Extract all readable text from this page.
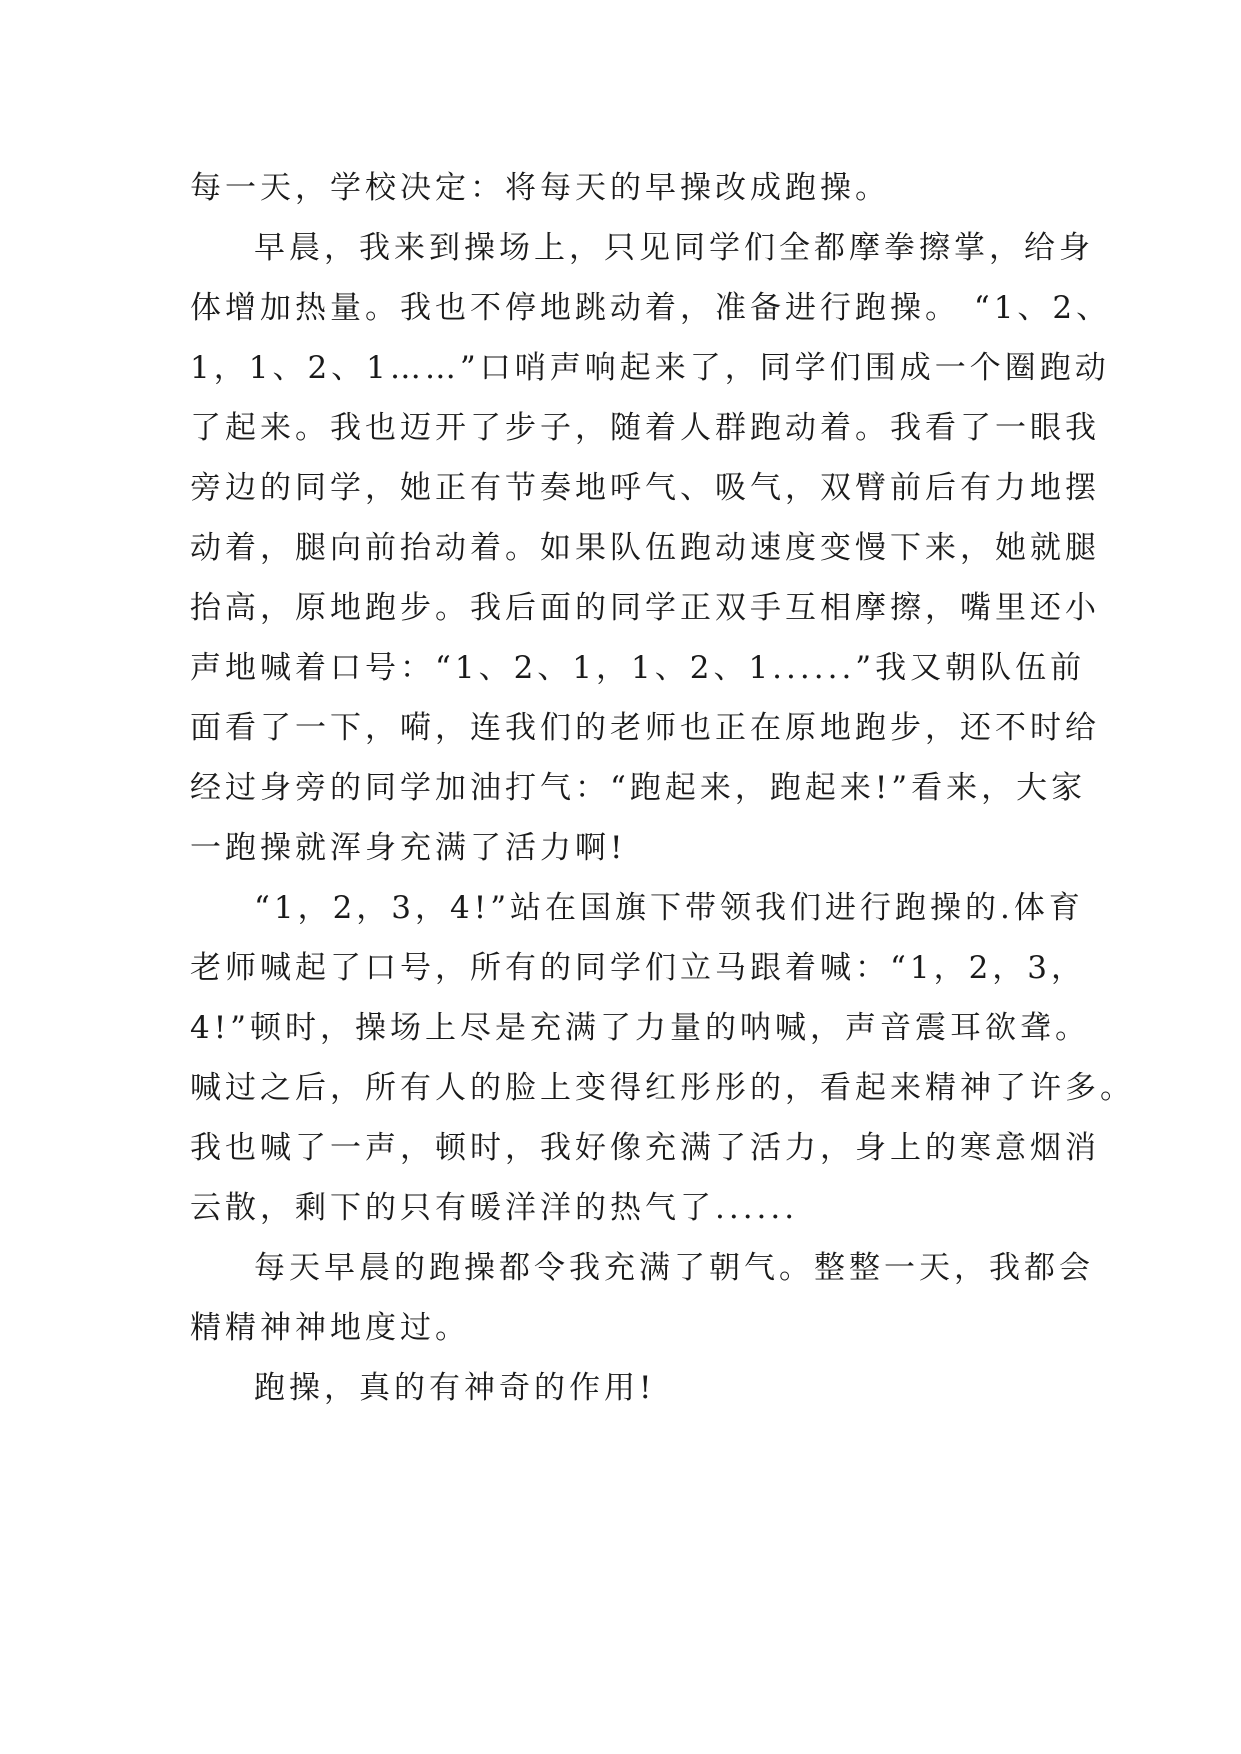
每一天，学校决定：将每天的早操改成跑操。
早晨，我来到操场上，只见同学们全都摩拳擦掌，给身
体增加热量。我也不停地跳动着，准备进行跑操。 “1、2、
1，1、2、1……”口哨声响起来了，同学们围成一个圈跑动
了起来。我也迈开了步子，随着人群跑动着。我看了一眼我
旁边的同学，她正有节奏地呼气、吸气，双臂前后有力地摆
动着，腿向前抬动着。如果队伍跑动速度变慢下来，她就腿
抬高，原地跑步。我后面的同学正双手互相摩擦，嘴里还小
声地喊着口号：“1、2、1，1、2、1......”我又朝队伍前
面看了一下，嗬，连我们的老师也正在原地跑步，还不时给
经过身旁的同学加油打气：“跑起来，跑起来!”看来，大家
一跑操就浑身充满了活力啊!
“1，2，3，4!”站在国旗下带领我们进行跑操的.体育
老师喊起了口号，所有的同学们立马跟着喊：“1，2，3，
4!”顿时，操场上尽是充满了力量的呐喊，声音震耳欲聋。
喊过之后，所有人的脸上变得红彤彤的，看起来精神了许多。
我也喊了一声，顿时，我好像充满了活力，身上的寒意烟消
云散，剩下的只有暖洋洋的热气了......
每天早晨的跑操都令我充满了朝气。整整一天，我都会
精精神神地度过。
跑操，真的有神奇的作用!
